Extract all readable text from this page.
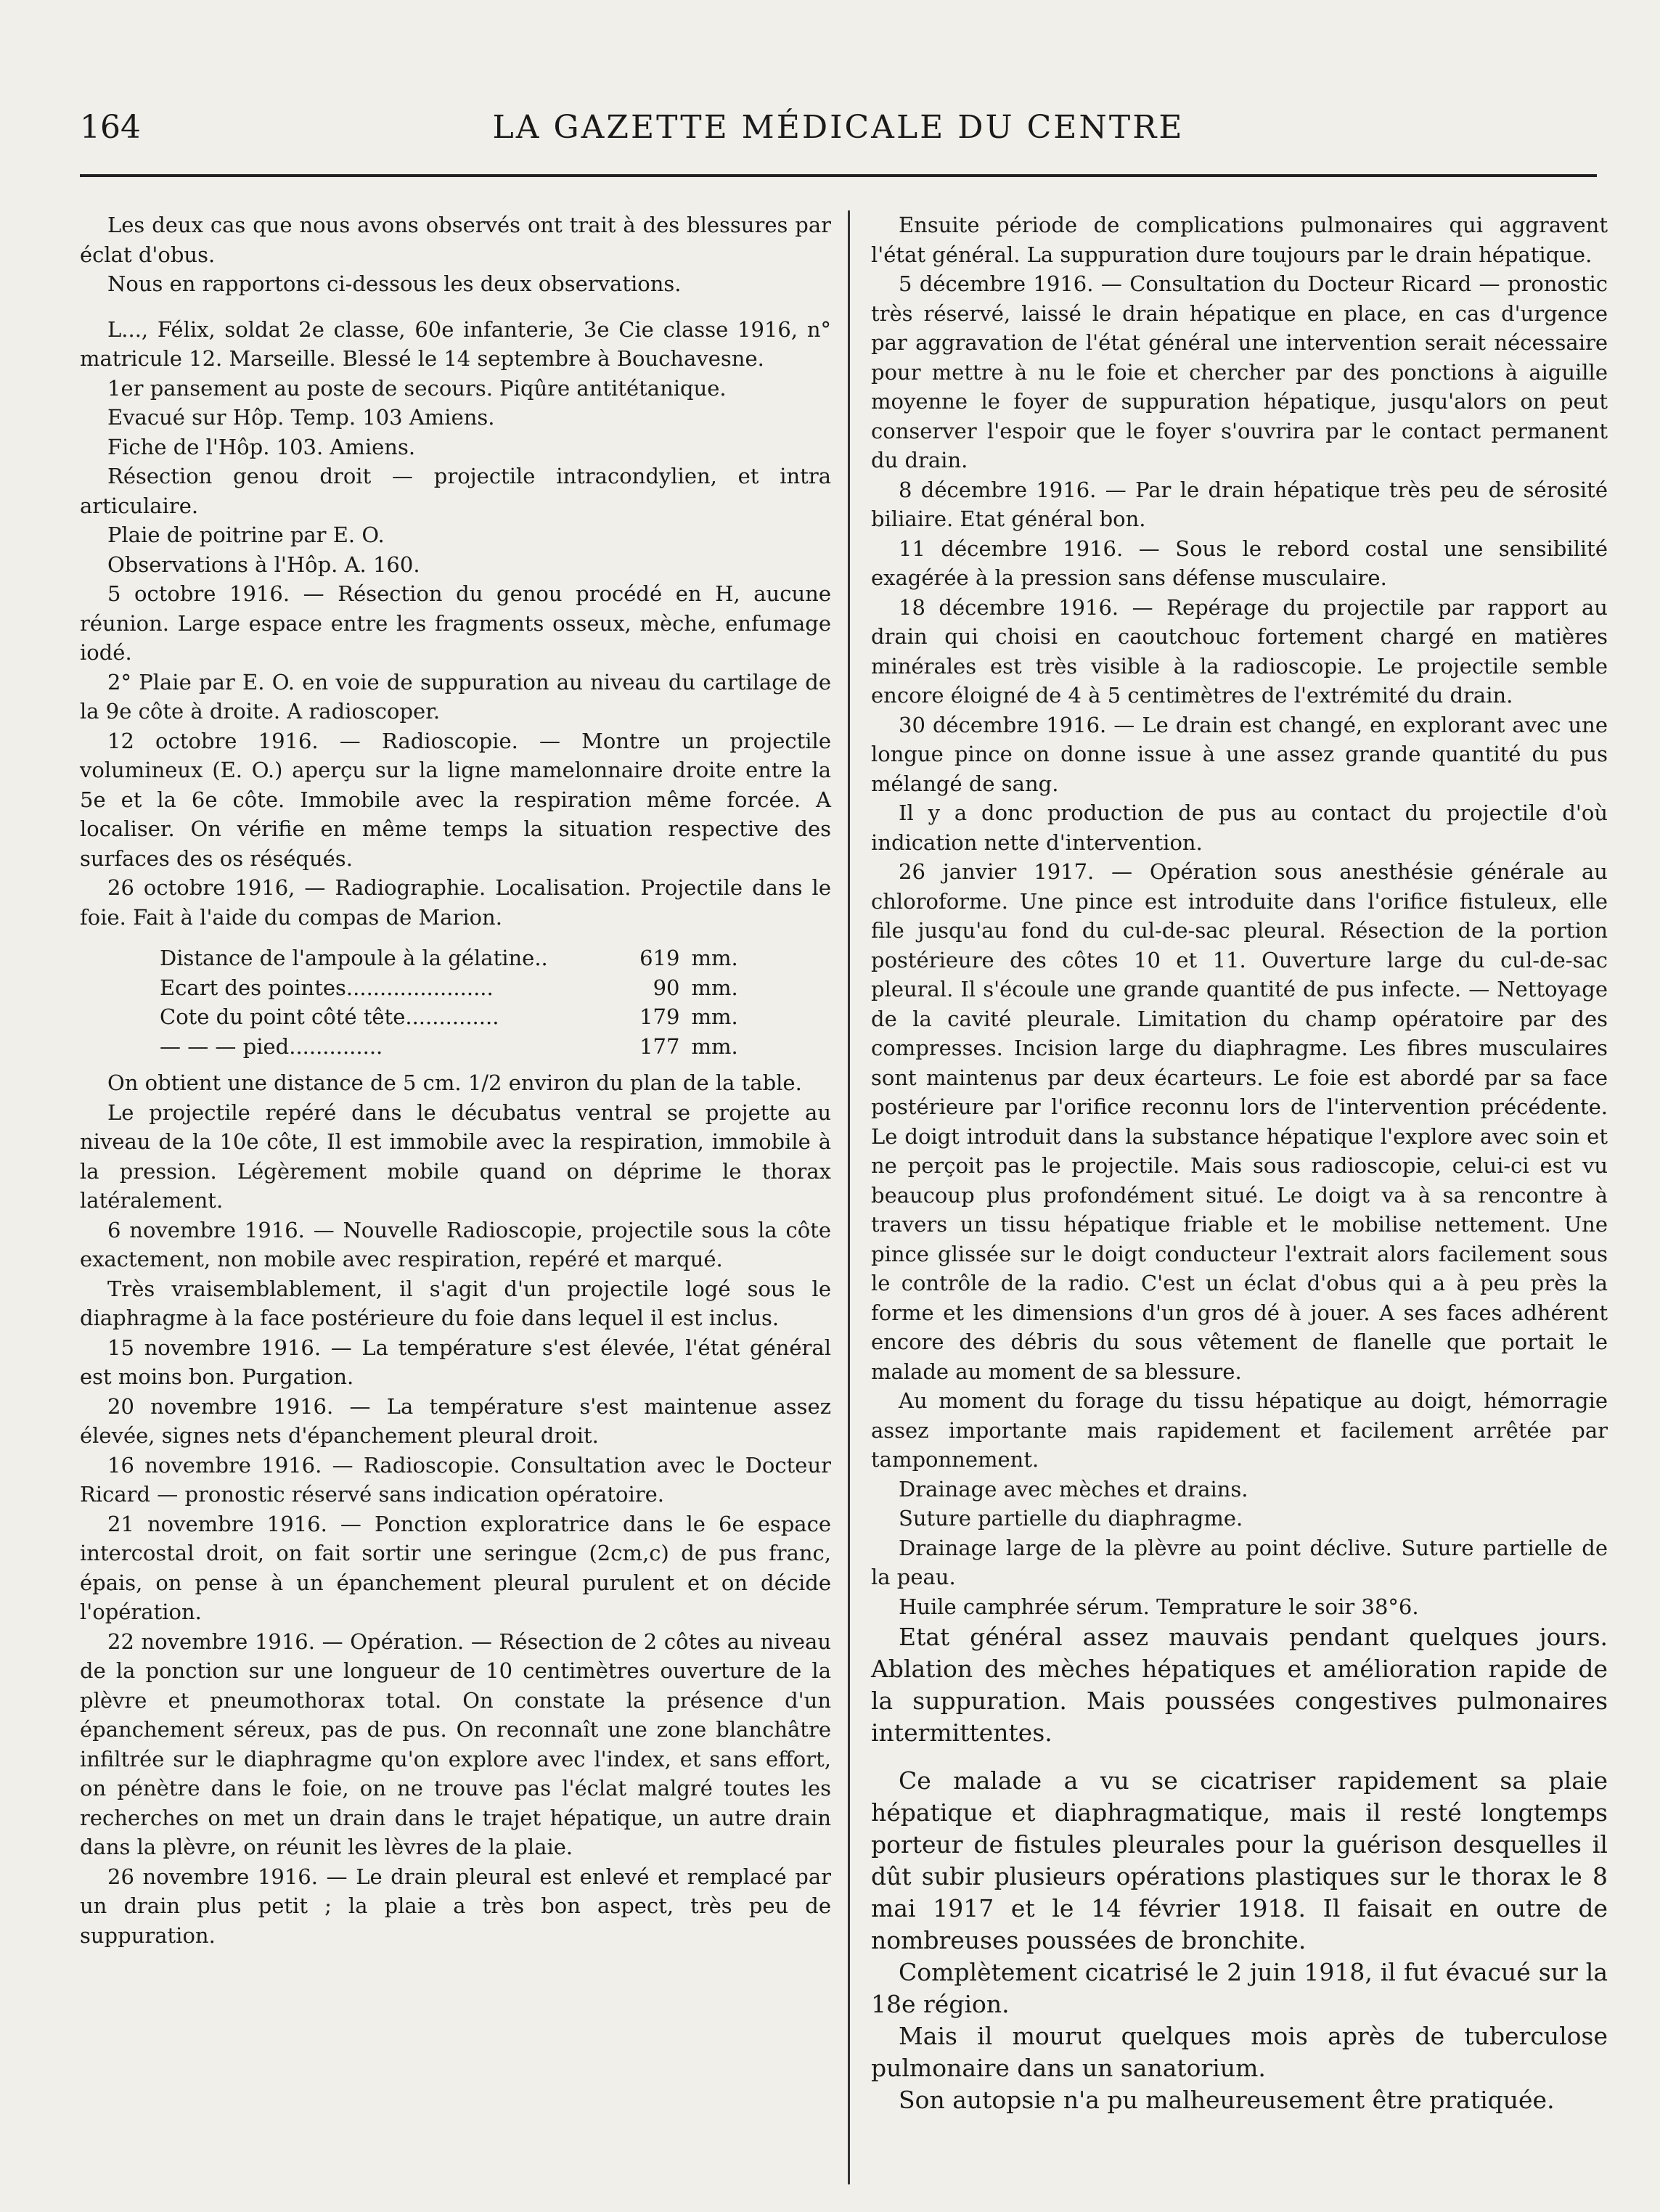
164	LA GAZETTE MÉDICALE DU CENTRE

Les deux cas que nous avons observés ont trait à des blessures par éclat d'obus.

Nous en rapportons ci-dessous les deux observations.

L..., Félix, soldat 2e classe, 60e infanterie, 3e Cie classe 1916, n° matricule 12. Marseille. Blessé le 14 septembre à Bouchavesne.

1er pansement au poste de secours. Piqûre antitétanique.

Evacué sur Hôp. Temp. 103 Amiens.

Fiche de l'Hôp. 103. Amiens.

Résection genou droit — projectile intracondylien, et intra articulaire.

Plaie de poitrine par E. O.

Observations à l'Hôp. A. 160.

5 octobre 1916. — Résection du genou procédé en H, aucune réunion. Large espace entre les fragments osseux, mèche, enfumage iodé.

2° Plaie par E. O. en voie de suppuration au niveau du cartilage de la 9e côte à droite. A radioscoper.

12 octobre 1916. — Radioscopie. — Montre un projectile volumineux (E. O.) aperçu sur la ligne mamelonnaire droite entre la 5e et la 6e côte. Immobile avec la respiration même forcée. A localiser. On vérifie en même temps la situation respective des surfaces des os réséqués.

26 octobre 1916, — Radiographie. Localisation. Projectile dans le foie. Fait à l'aide du compas de Marion.

Distance de l'ampoule à la gélatine..	619	mm.
Ecart des pointes......................	90	mm.
Cote du point côté tête..............	179	mm.
— — — pied..............	177	mm.

On obtient une distance de 5 cm. 1/2 environ du plan de la table.

Le projectile repéré dans le décubatus ventral se projette au niveau de la 10e côte, Il est immobile avec la respiration, immobile à la pression. Légèrement mobile quand on déprime le thorax latéralement.

6 novembre 1916. — Nouvelle Radioscopie, projectile sous la côte exactement, non mobile avec respiration, repéré et marqué.

Très vraisemblablement, il s'agit d'un projectile logé sous le diaphragme à la face postérieure du foie dans lequel il est inclus.

15 novembre 1916. — La température s'est élevée, l'état général est moins bon. Purgation.

20 novembre 1916. — La température s'est maintenue assez élevée, signes nets d'épanchement pleural droit.

16 novembre 1916. — Radioscopie. Consultation avec le Docteur Ricard — pronostic réservé sans indication opératoire.

21 novembre 1916. — Ponction exploratrice dans le 6e espace intercostal droit, on fait sortir une seringue (2cm,c) de pus franc, épais, on pense à un épanchement pleural purulent et on décide l'opération.

22 novembre 1916. — Opération. — Résection de 2 côtes au niveau de la ponction sur une longueur de 10 centimètres ouverture de la plèvre et pneumothorax total. On constate la présence d'un épanchement séreux, pas de pus. On reconnaît une zone blanchâtre infiltrée sur le diaphragme qu'on explore avec l'index, et sans effort, on pénètre dans le foie, on ne trouve pas l'éclat malgré toutes les recherches on met un drain dans le trajet hépatique, un autre drain dans la plèvre, on réunit les lèvres de la plaie.

26 novembre 1916. — Le drain pleural est enlevé et remplacé par un drain plus petit ; la plaie a très bon aspect, très peu de suppuration.

Ensuite période de complications pulmonaires qui aggravent l'état général. La suppuration dure toujours par le drain hépatique.

5 décembre 1916. — Consultation du Docteur Ricard — pronostic très réservé, laissé le drain hépatique en place, en cas d'urgence par aggravation de l'état général une intervention serait nécessaire pour mettre à nu le foie et chercher par des ponctions à aiguille moyenne le foyer de suppuration hépatique, jusqu'alors on peut conserver l'espoir que le foyer s'ouvrira par le contact permanent du drain.

8 décembre 1916. — Par le drain hépatique très peu de sérosité biliaire. Etat général bon.

11 décembre 1916. — Sous le rebord costal une sensibilité exagérée à la pression sans défense musculaire.

18 décembre 1916. — Repérage du projectile par rapport au drain qui choisi en caoutchouc fortement chargé en matières minérales est très visible à la radioscopie. Le projectile semble encore éloigné de 4 à 5 centimètres de l'extrémité du drain.

30 décembre 1916. — Le drain est changé, en explorant avec une longue pince on donne issue à une assez grande quantité du pus mélangé de sang.

Il y a donc production de pus au contact du projectile d'où indication nette d'intervention.

26 janvier 1917. — Opération sous anesthésie générale au chloroforme. Une pince est introduite dans l'orifice fistuleux, elle file jusqu'au fond du cul-de-sac pleural. Résection de la portion postérieure des côtes 10 et 11. Ouverture large du cul-de-sac pleural. Il s'écoule une grande quantité de pus infecte. — Nettoyage de la cavité pleurale. Limitation du champ opératoire par des compresses. Incision large du diaphragme. Les fibres musculaires sont maintenus par deux écarteurs. Le foie est abordé par sa face postérieure par l'orifice reconnu lors de l'intervention précédente. Le doigt introduit dans la substance hépatique l'explore avec soin et ne perçoit pas le projectile. Mais sous radioscopie, celui-ci est vu beaucoup plus profondément situé. Le doigt va à sa rencontre à travers un tissu hépatique friable et le mobilise nettement. Une pince glissée sur le doigt conducteur l'extrait alors facilement sous le contrôle de la radio. C'est un éclat d'obus qui a à peu près la forme et les dimensions d'un gros dé à jouer. A ses faces adhérent encore des débris du sous vêtement de flanelle que portait le malade au moment de sa blessure.

Au moment du forage du tissu hépatique au doigt, hémorragie assez importante mais rapidement et facilement arrêtée par tamponnement.

Drainage avec mèches et drains.

Suture partielle du diaphragme.

Drainage large de la plèvre au point déclive. Suture partielle de la peau.

Huile camphrée sérum. Temprature le soir 38°6.

Etat général assez mauvais pendant quelques jours. Ablation des mèches hépatiques et amélioration rapide de la suppuration. Mais poussées congestives pulmonaires intermittentes.

Ce malade a vu se cicatriser rapidement sa plaie hépatique et diaphragmatique, mais il resté longtemps porteur de fistules pleurales pour la guérison desquelles il dût subir plusieurs opérations plastiques sur le thorax le 8 mai 1917 et le 14 février 1918. Il faisait en outre de nombreuses poussées de bronchite.

Complètement cicatrisé le 2 juin 1918, il fut évacué sur la 18e région.

Mais il mourut quelques mois après de tuberculose pulmonaire dans un sanatorium.

Son autopsie n'a pu malheureusement être pratiquée.
